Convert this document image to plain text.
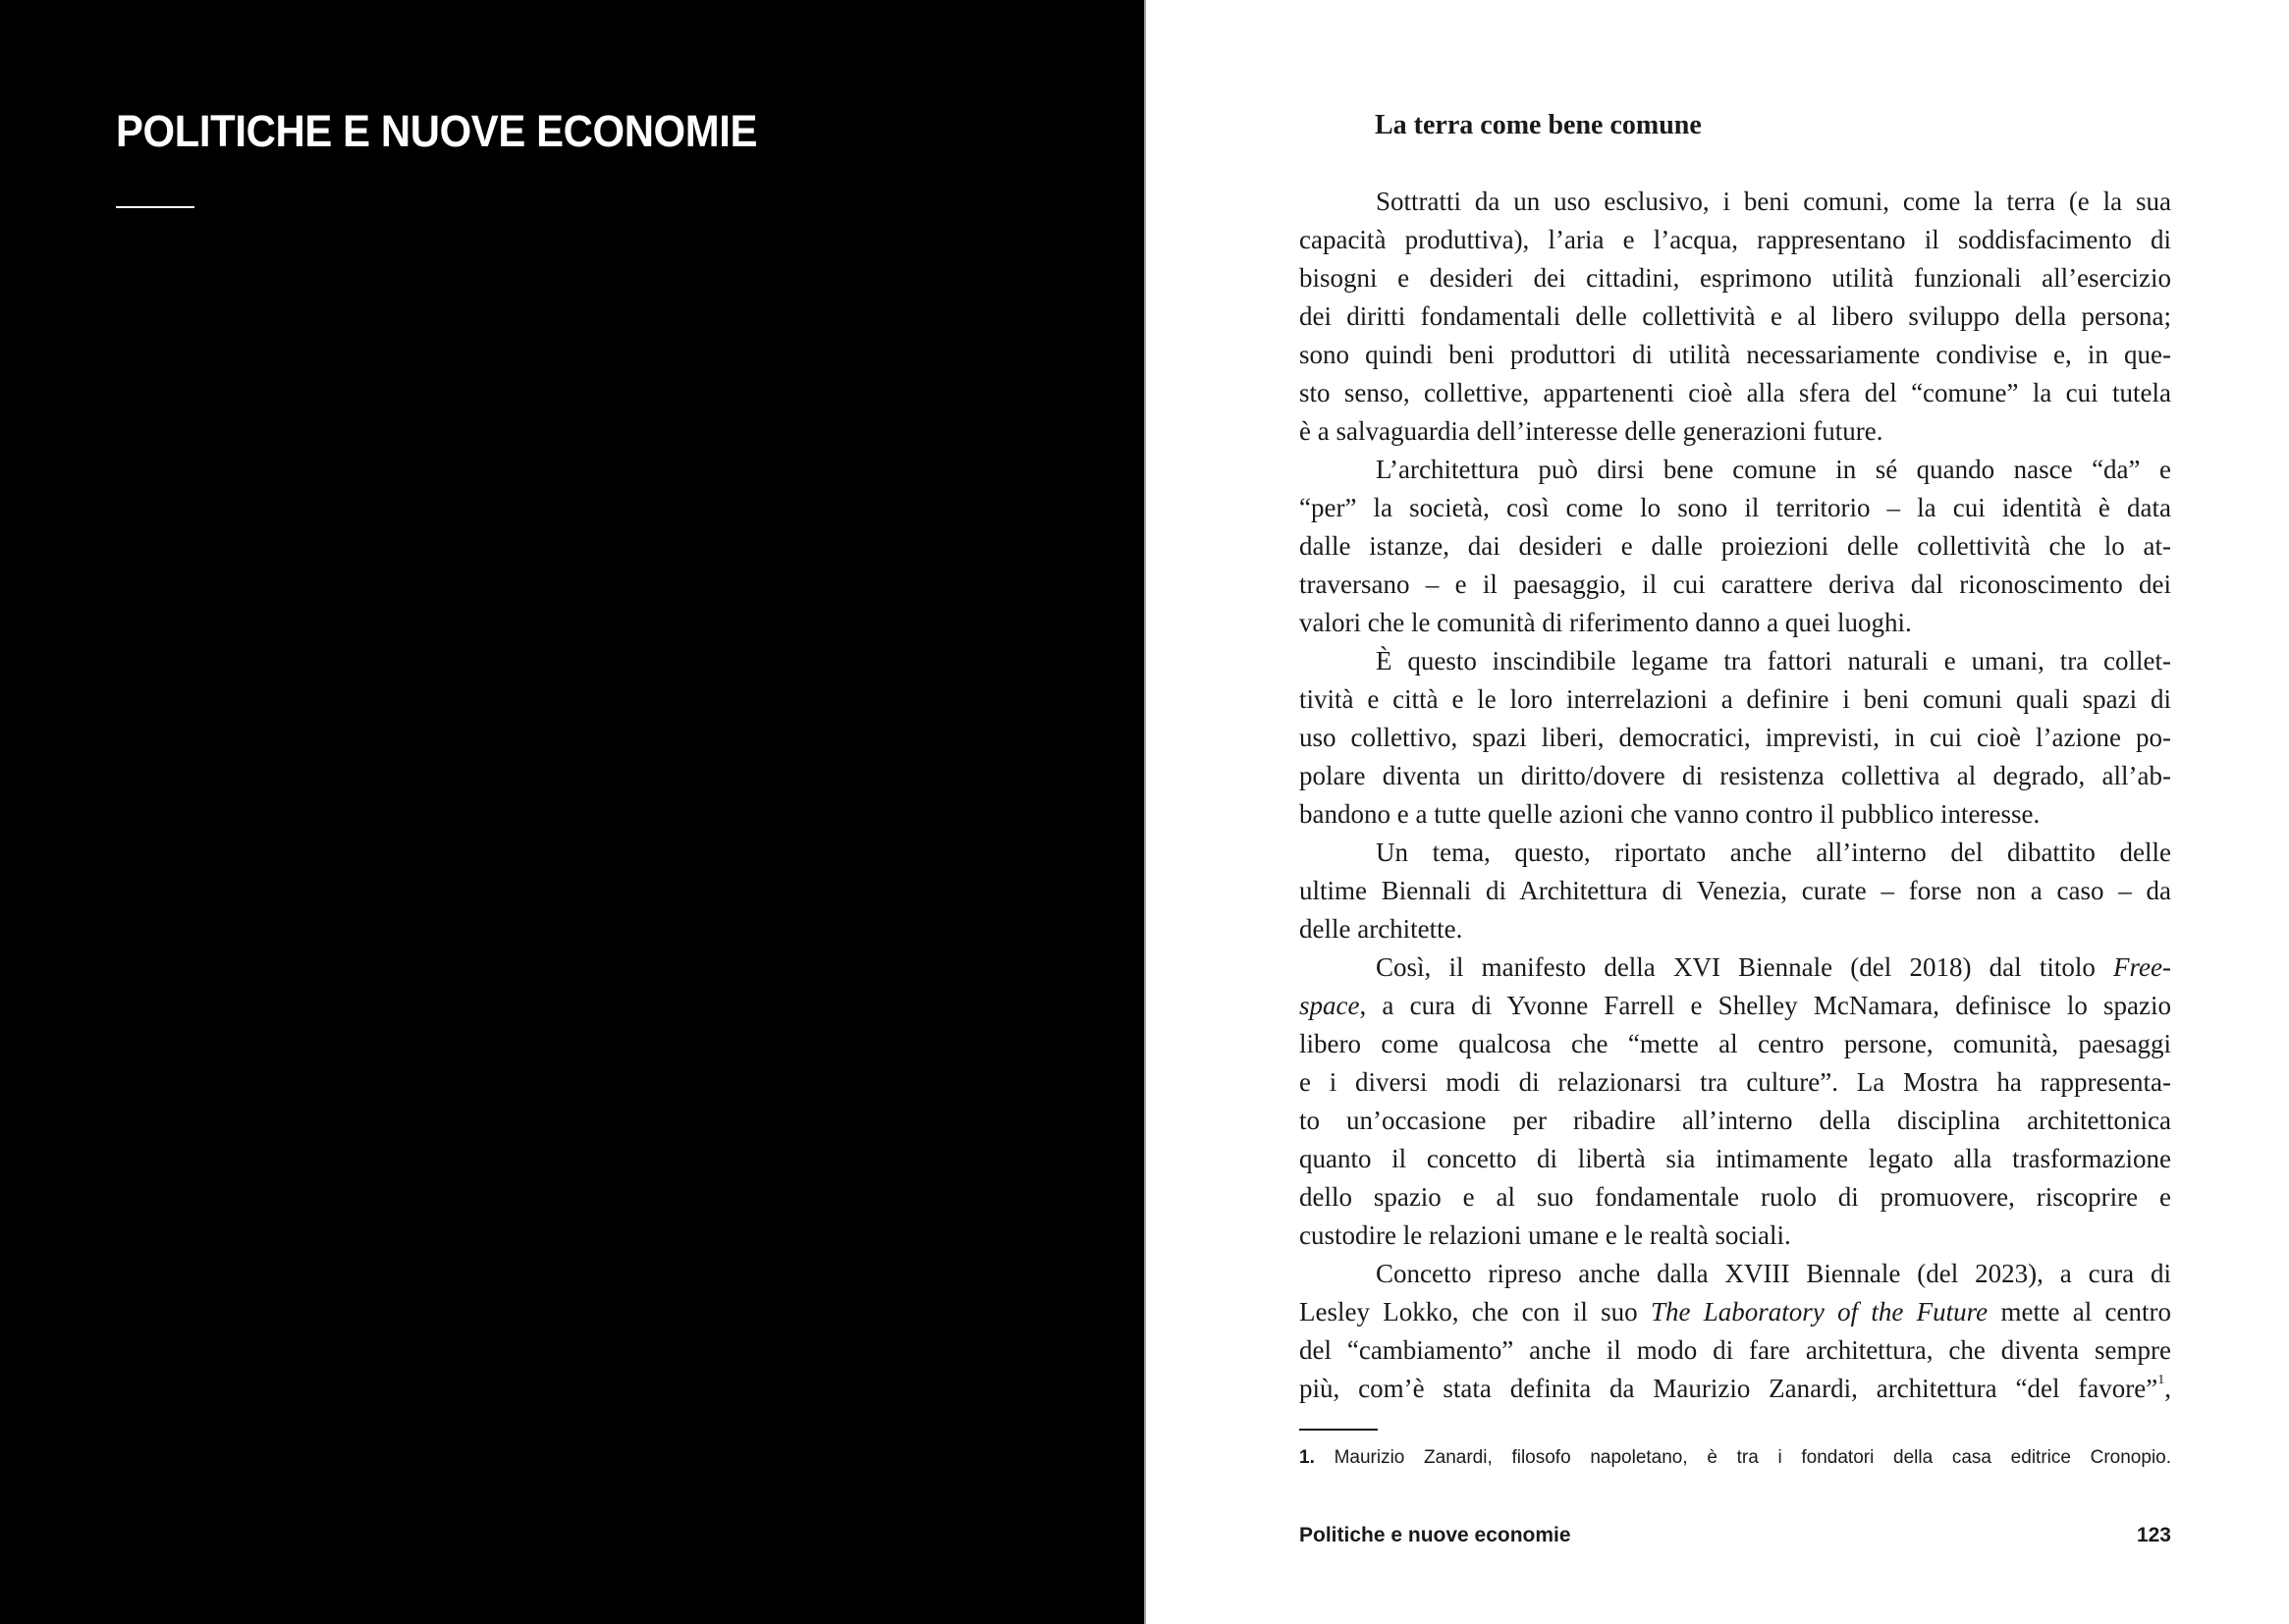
POLITICHE E NUOVE ECONOMIE	La terra come bene comune
Sottratti da un uso esclusivo, i beni comuni, come la terra (e la sua
capacità produttiva), l’aria e l’acqua, rappresentano il soddisfacimento di
bisogni e desideri dei cittadini, esprimono utilità funzionali all’esercizio
dei diritti fondamentali delle collettività e al libero sviluppo della persona;
sono quindi beni produttori di utilità necessariamente condivise e, in que-
sto senso, collettive, appartenenti cioè alla sfera del “comune” la cui tutela
è a salvaguardia dell’interesse delle generazioni future.
L’architettura può dirsi bene comune in sé quando nasce “da” e
“per” la società, così come lo sono il territorio – la cui identità è data
dalle istanze, dai desideri e dalle proiezioni delle collettività che lo at-
traversano – e il paesaggio, il cui carattere deriva dal riconoscimento dei
valori che le comunità di riferimento danno a quei luoghi.
È questo inscindibile legame tra fattori naturali e umani, tra collet-
tività e città e le loro interrelazioni a definire i beni comuni quali spazi di
uso collettivo, spazi liberi, democratici, imprevisti, in cui cioè l’azione po-
polare diventa un diritto/dovere di resistenza collettiva al degrado, all’ab-
bandono e a tutte quelle azioni che vanno contro il pubblico interesse.
Un tema, questo, riportato anche all’interno del dibattito delle
ultime Biennali di Architettura di Venezia, curate – forse non a caso – da
delle architette.
Così, il manifesto della XVI Biennale (del 2018) dal titolo Free-
space, a cura di Yvonne Farrell e Shelley McNamara, definisce lo spazio
libero come qualcosa che “mette al centro persone, comunità, paesaggi
e i diversi modi di relazionarsi tra culture”. La Mostra ha rappresenta-
to un’occasione per ribadire all’interno della disciplina architettonica
quanto il concetto di libertà sia intimamente legato alla trasformazione
dello spazio e al suo fondamentale ruolo di promuovere, riscoprire e
custodire le relazioni umane e le realtà sociali.
Concetto ripreso anche dalla XVIII Biennale (del 2023), a cura di
Lesley Lokko, che con il suo The Laboratory of the Future mette al centro
del “cambiamento” anche il modo di fare architettura, che diventa sempre
più, com’è stata definita da Maurizio Zanardi, architettura “del favore”$^1$,
1. Maurizio Zanardi, filosofo napoletano, è tra i fondatori della casa editrice Cronopio.
Politiche e nuove economie	123
